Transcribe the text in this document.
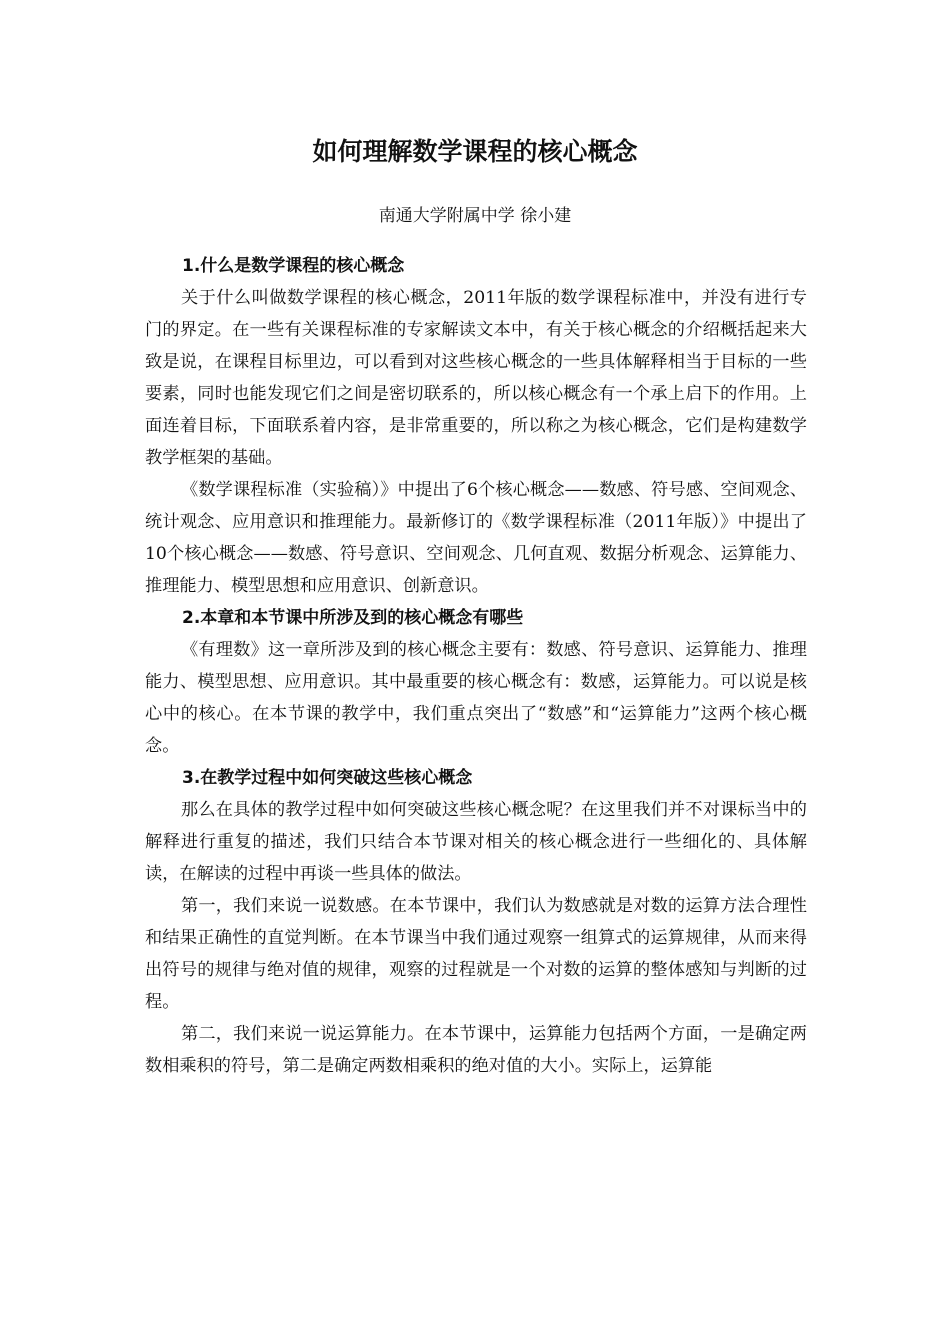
如何理解数学课程的核心概念

南通大学附属中学 徐小建

1.什么是数学课程的核心概念

关于什么叫做数学课程的核心概念，2011年版的数学课程标准中，并没有进行专门的界定。在一些有关课程标准的专家解读文本中，有关于核心概念的介绍概括起来大致是说，在课程目标里边，可以看到对这些核心概念的一些具体解释相当于目标的一些要素，同时也能发现它们之间是密切联系的，所以核心概念有一个承上启下的作用。上面连着目标，下面联系着内容，是非常重要的，所以称之为核心概念，它们是构建数学教学框架的基础。

《数学课程标准（实验稿）》中提出了6个核心概念——数感、符号感、空间观念、统计观念、应用意识和推理能力。最新修订的《数学课程标准（2011年版）》中提出了10个核心概念——数感、符号意识、空间观念、几何直观、数据分析观念、运算能力、推理能力、模型思想和应用意识、创新意识。

2.本章和本节课中所涉及到的核心概念有哪些

《有理数》这一章所涉及到的核心概念主要有：数感、符号意识、运算能力、推理能力、模型思想、应用意识。其中最重要的核心概念有：数感，运算能力。可以说是核心中的核心。在本节课的教学中，我们重点突出了“数感”和“运算能力”这两个核心概念。

3.在教学过程中如何突破这些核心概念

那么在具体的教学过程中如何突破这些核心概念呢？在这里我们并不对课标当中的解释进行重复的描述，我们只结合本节课对相关的核心概念进行一些细化的、具体解读，在解读的过程中再谈一些具体的做法。

第一，我们来说一说数感。在本节课中，我们认为数感就是对数的运算方法合理性和结果正确性的直觉判断。在本节课当中我们通过观察一组算式的运算规律，从而来得出符号的规律与绝对值的规律，观察的过程就是一个对数的运算的整体感知与判断的过程。

第二，我们来说一说运算能力。在本节课中，运算能力包括两个方面，一是确定两数相乘积的符号，第二是确定两数相乘积的绝对值的大小。实际上，运算能
